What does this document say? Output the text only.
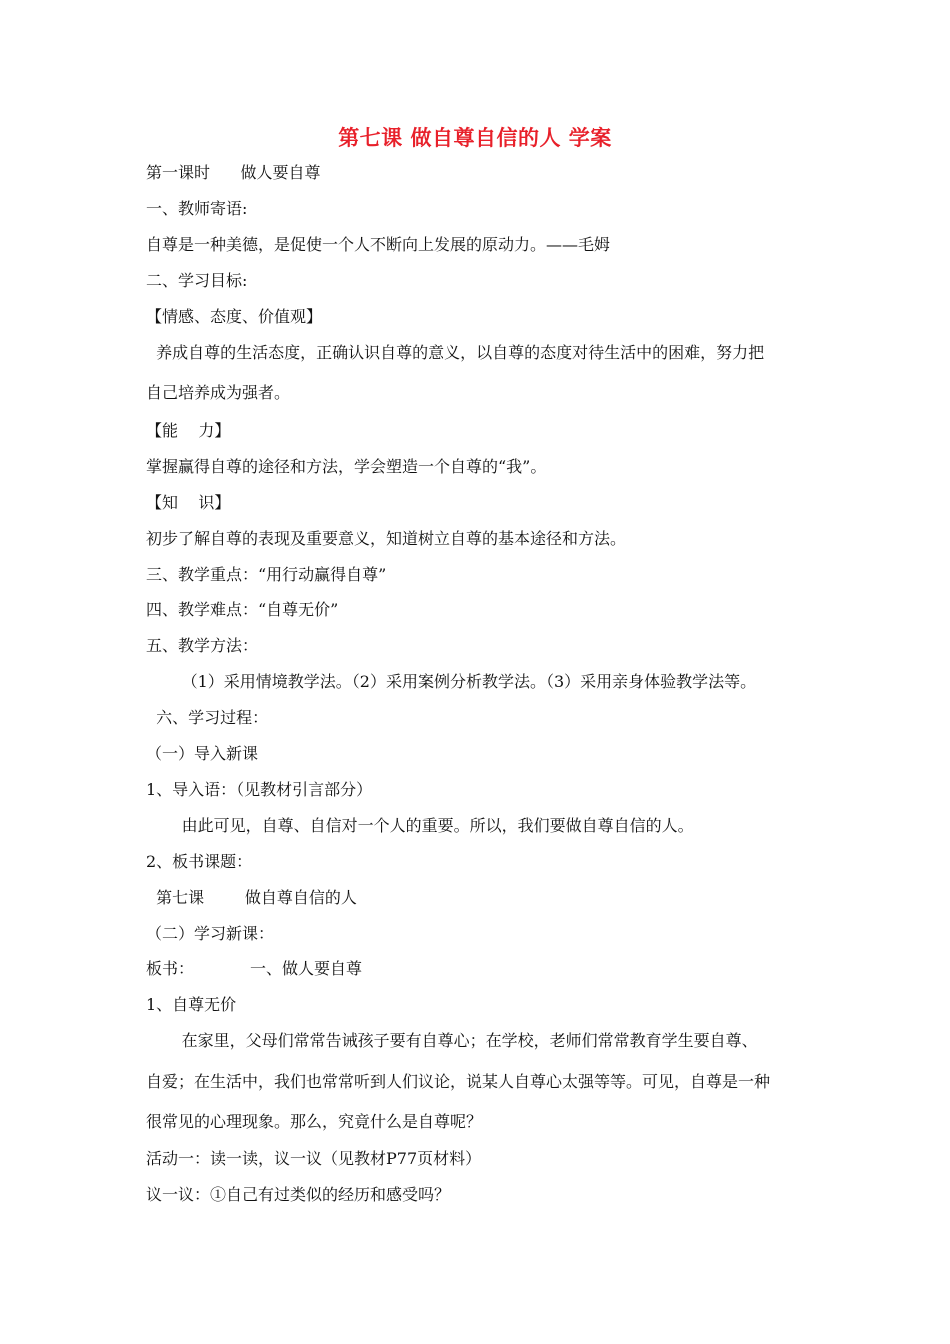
第七课 做自尊自信的人 学案
第一课时      做人要自尊
一、教师寄语:
自尊是一种美德，是促使一个人不断向上发展的原动力。——毛姆
二、学习目标:
【情感、态度、价值观】
养成自尊的生活态度，正确认识自尊的意义，以自尊的态度对待生活中的困难，努力把
自己培养成为强者。
【能    力】
掌握赢得自尊的途径和方法，学会塑造一个自尊的“我”。
【知    识】
初步了解自尊的表现及重要意义，知道树立自尊的基本途径和方法。
三、教学重点：“用行动赢得自尊”
四、教学难点：“自尊无价”
五、教学方法：
（1）采用情境教学法。（2）采用案例分析教学法。（3）采用亲身体验教学法等。
六、学习过程：
（一）导入新课
1、导入语：（见教材引言部分）
由此可见，自尊、自信对一个人的重要。所以，我们要做自尊自信的人。
2、板书课题：
第七课        做自尊自信的人
（二）学习新课：
板书：           一、做人要自尊
1、自尊无价
在家里，父母们常常告诫孩子要有自尊心；在学校，老师们常常教育学生要自尊、
自爱；在生活中，我们也常常听到人们议论，说某人自尊心太强等等。可见，自尊是一种
很常见的心理现象。那么，究竟什么是自尊呢？
活动一：读一读，议一议（见教材P77页材料）
议一议：①自己有过类似的经历和感受吗？
